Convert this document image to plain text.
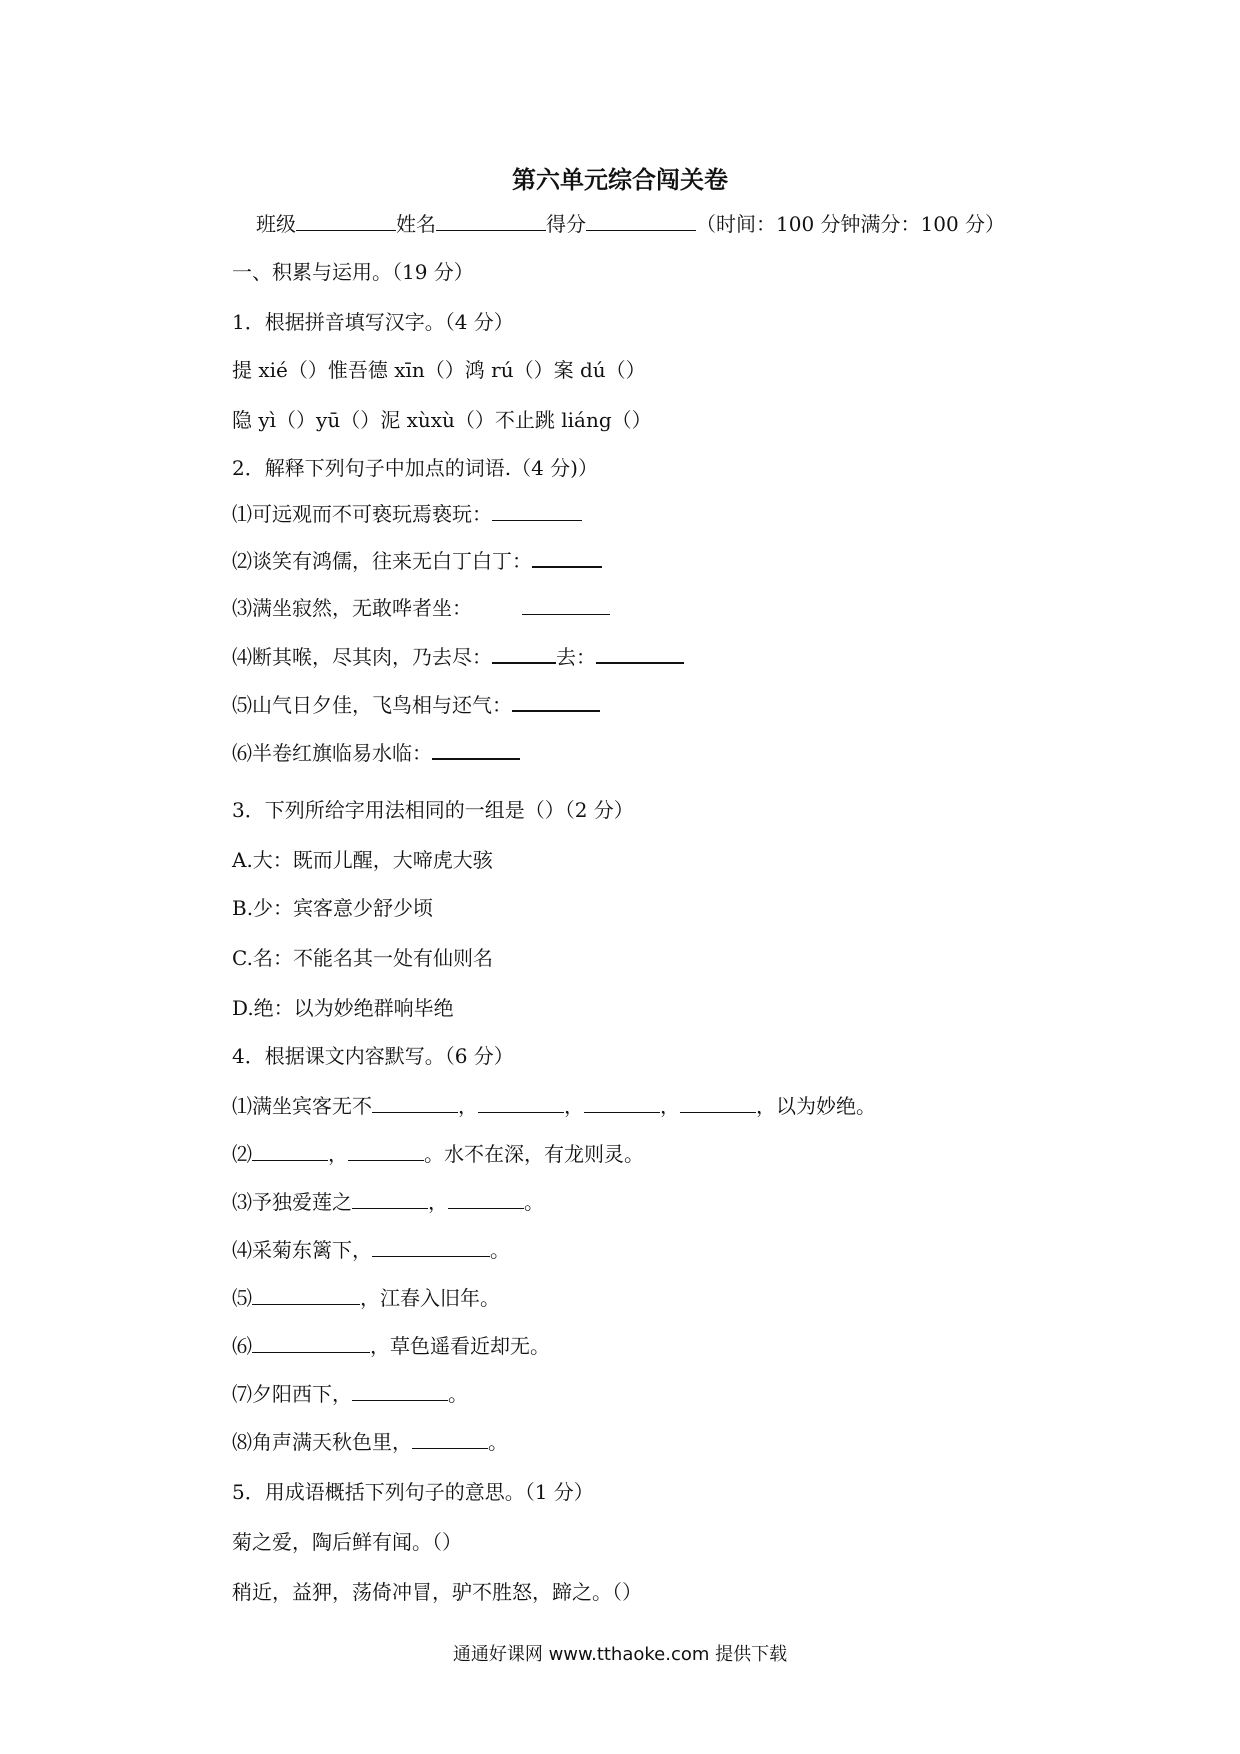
第六单元综合闯关卷
班级	姓名	得分	（时间：100 分钟满分：100 分）
一、积累与运用。（19 分）
1．根据拼音填写汉字。（4 分）
提 xié（）惟吾德 xīn（）鸿 rú（）案 dú（）
隐 yì（）yū（）泥 xùxù（）不止跳 liáng（）
2．解释下列句子中加点的词语.（4 分)）
⑴可远观而不可亵玩焉亵玩：
⑵谈笑有鸿儒，往来无白丁白丁：
⑶满坐寂然，无敢哗者坐：
⑷断其喉，尽其肉，乃去尽：	去：
⑸山气日夕佳，飞鸟相与还气：
⑹半卷红旗临易水临：
3．下列所给字用法相同的一组是（）（2 分）
A.大：既而儿醒，大啼虎大骇
B.少：宾客意少舒少顷
C.名：不能名其一处有仙则名
D.绝：以为妙绝群响毕绝
4．根据课文内容默写。（6 分）
⑴满坐宾客无不	，	，	，	，以为妙绝。
⑵	，	。水不在深，有龙则灵。
⑶予独爱莲之	，	。
⑷采菊东篱下，	。
⑸	，江春入旧年。
⑹	，草色遥看近却无。
⑺夕阳西下，	。
⑻角声满天秋色里，	。
5．用成语概括下列句子的意思。（1 分）
菊之爱，陶后鲜有闻。（）
稍近，益狎，荡倚冲冒，驴不胜怒，蹄之。（）
通通好课网 www.tthaoke.com 提供下载
